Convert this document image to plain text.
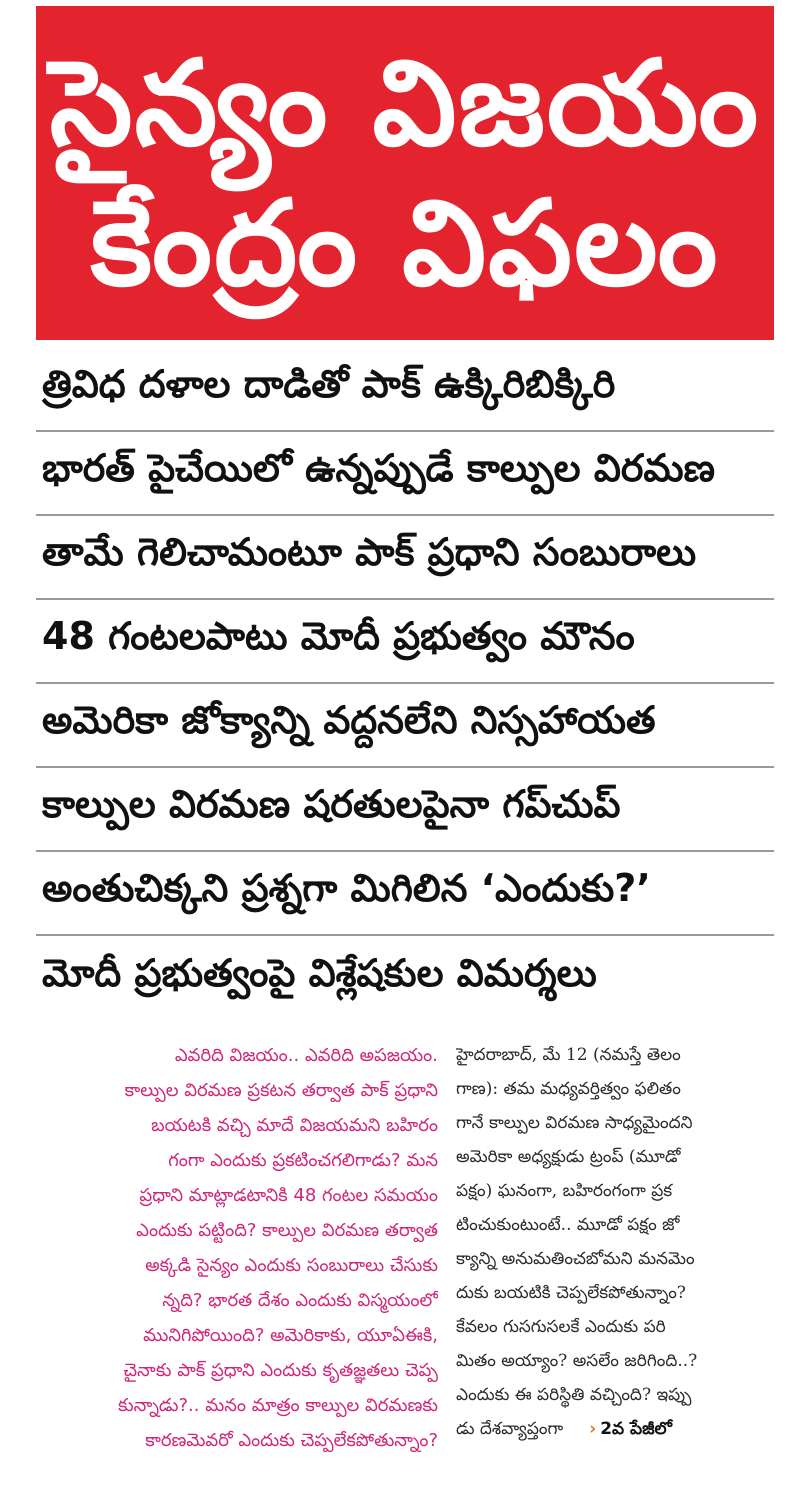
సైన్యం విజయం
కేంద్రం విఫలం
త్రివిధ దళాల దాడితో పాక్ ఉక్కిరిబిక్కిరి
భారత్ పైచేయిలో ఉన్నప్పుడే కాల్పుల విరమణ
తామే గెలిచామంటూ పాక్ ప్రధాని సంబురాలు
48 గంటలపాటు మోదీ ప్రభుత్వం మౌనం
అమెరికా జోక్యాన్ని వద్దనలేని నిస్సహాయత
కాల్పుల విరమణ షరతులపైనా గప్‌చుప్
అంతుచిక్కని ప్రశ్నగా మిగిలిన ‘ఎందుకు?’
మోదీ ప్రభుత్వంపై విశ్లేషకుల విమర్శలు
ఎవరిది విజయం.. ఎవరిది అపజయం.
కాల్పుల విరమణ ప్రకటన తర్వాత పాక్ ప్రధాని
బయటకి వచ్చి మాదే విజయమని బహిరం
గంగా ఎందుకు ప్రకటించగలిగాడు? మన
ప్రధాని మాట్లాడటానికి 48 గంటల సమయం
ఎందుకు పట్టింది? కాల్పుల విరమణ తర్వాత
అక్కడి సైన్యం ఎందుకు సంబురాలు చేసుకు
న్నది? భారత దేశం ఎందుకు విస్మయంలో
మునిగిపోయింది? అమెరికాకు, యూఏఈకి,
చైనాకు పాక్ ప్రధాని ఎందుకు కృతజ్ఞతలు చెప్ప
కున్నాడు?.. మనం మాత్రం కాల్పుల విరమణకు
కారణమెవరో ఎందుకు చెప్పలేకపోతున్నాం?
హైదరాబాద్, మే 12 (నమస్తే తెలం
గాణ): తమ మధ్యవర్తిత్వం ఫలితం
గానే కాల్పుల విరమణ సాధ్యమైందని
అమెరికా అధ్యక్షుడు ట్రంప్ (మూడో
పక్షం) ఘనంగా, బహిరంగంగా ప్రక
టించుకుంటుంటే.. మూడో పక్షం జో
క్యాన్ని అనుమతించబోమని మనమెం
దుకు బయటికి చెప్పలేకపోతున్నాం?
కేవలం గుసగుసలకే ఎందుకు పరి
మితం అయ్యాం? అసలేం జరిగింది..?
ఎందుకు ఈ పరిస్థితి వచ్చింది? ఇప్పు
డు దేశవ్యాప్తంగా › 2వ పేజీలో
